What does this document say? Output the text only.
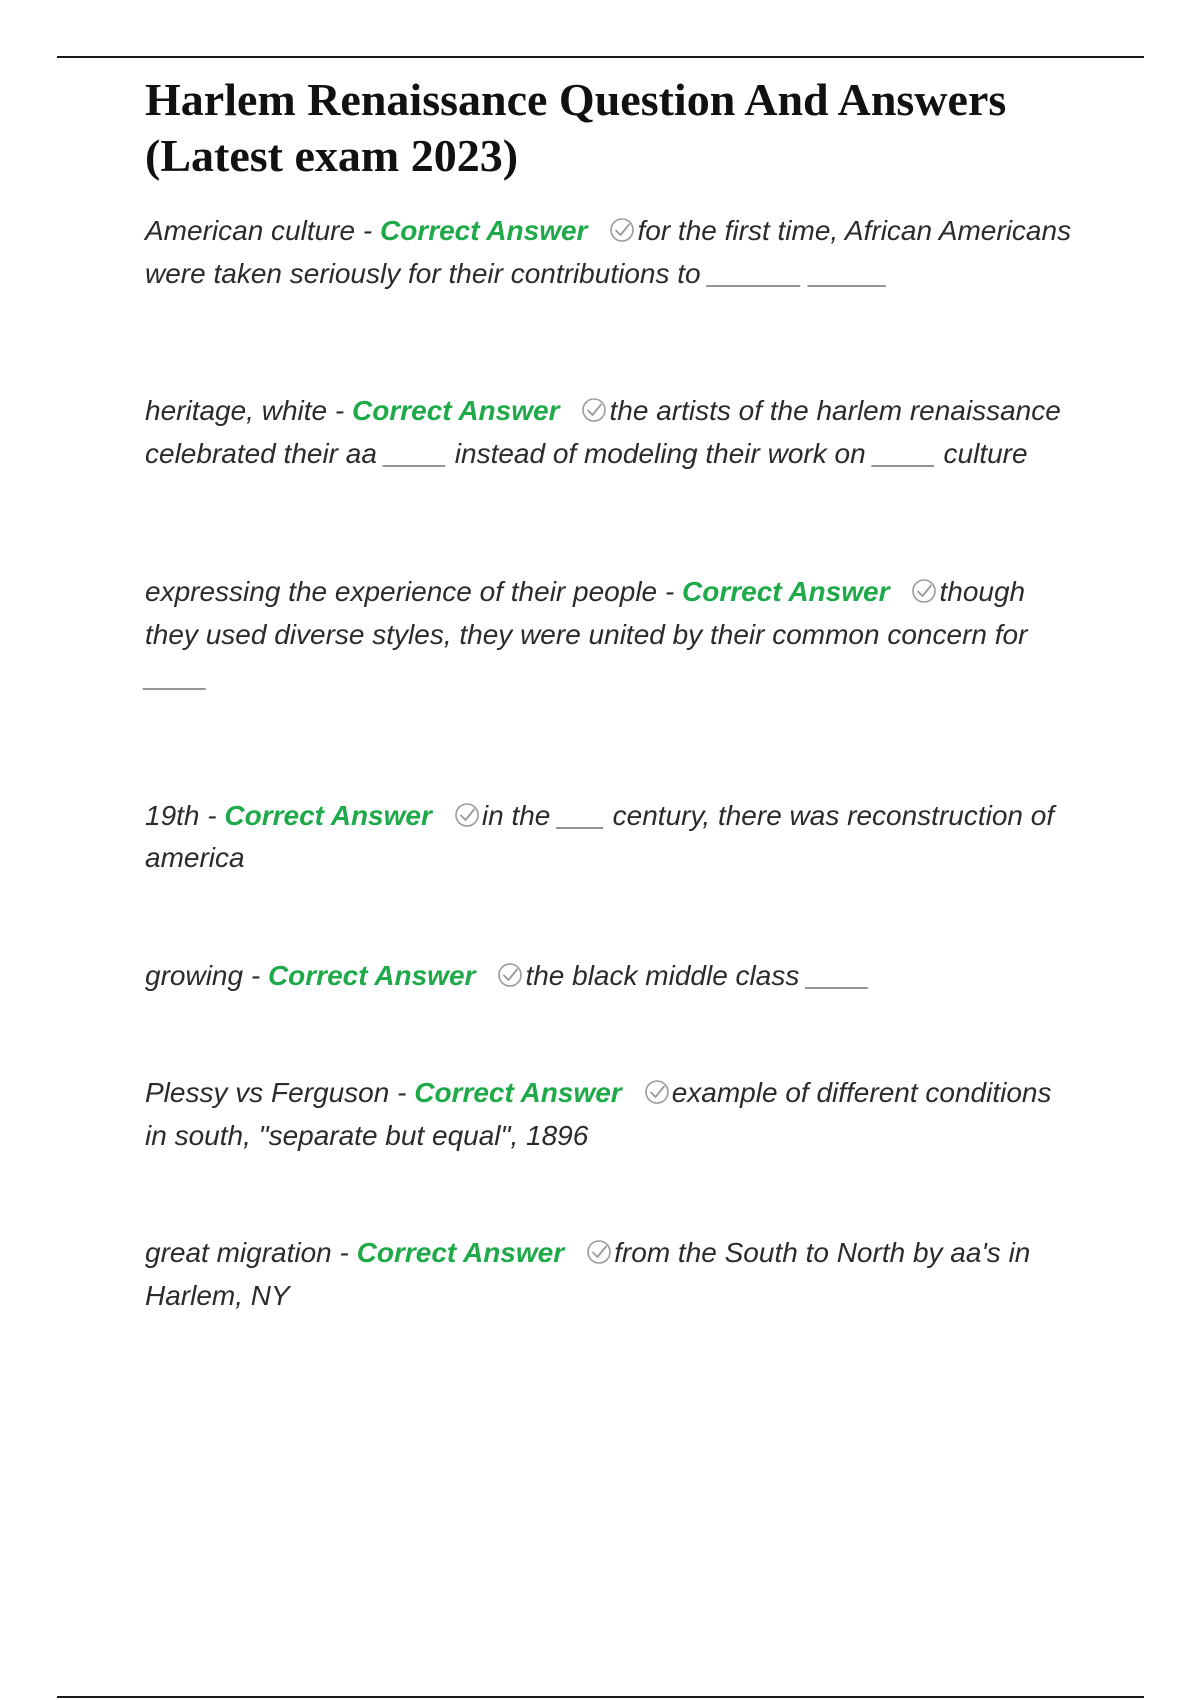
Harlem Renaissance Question And Answers (Latest exam 2023)

American culture - Correct Answer for the first time, African Americans were taken seriously for their contributions to ______ _____

heritage, white - Correct Answer the artists of the harlem renaissance celebrated their aa ____ instead of modeling their work on ____ culture

expressing the experience of their people - Correct Answer though they used diverse styles, they were united by their common concern for ____

19th - Correct Answer in the ___ century, there was reconstruction of america

growing - Correct Answer the black middle class ____

Plessy vs Ferguson - Correct Answer example of different conditions in south, "separate but equal", 1896

great migration - Correct Answer from the South to North by aa's in Harlem, NY
